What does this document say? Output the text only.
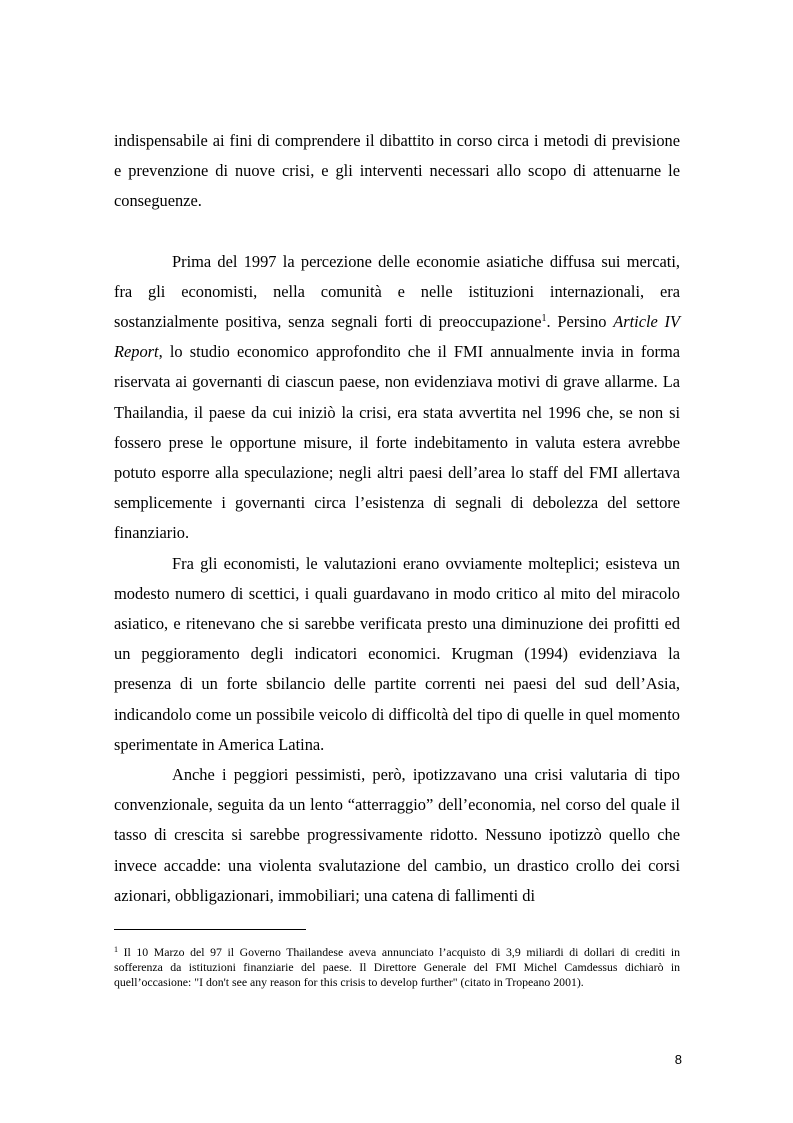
indispensabile ai fini di comprendere il dibattito in corso circa i metodi di previsione e prevenzione di nuove crisi, e gli interventi necessari allo scopo di attenuarne le conseguenze.

Prima del 1997 la percezione delle economie asiatiche diffusa sui mercati, fra gli economisti, nella comunità e nelle istituzioni internazionali, era sostanzialmente positiva, senza segnali forti di preoccupazione$^1$. Persino Article IV Report, lo studio economico approfondito che il FMI annualmente invia in forma riservata ai governanti di ciascun paese, non evidenziava motivi di grave allarme. La Thailandia, il paese da cui iniziò la crisi, era stata avvertita nel 1996 che, se non si fossero prese le opportune misure, il forte indebitamento in valuta estera avrebbe potuto esporre alla speculazione; negli altri paesi dell’area lo staff del FMI allertava semplicemente i governanti circa l’esistenza di segnali di debolezza del settore finanziario.

Fra gli economisti, le valutazioni erano ovviamente molteplici; esisteva un modesto numero di scettici, i quali guardavano in modo critico al mito del miracolo asiatico, e ritenevano che si sarebbe verificata presto una diminuzione dei profitti ed un peggioramento degli indicatori economici. Krugman (1994) evidenziava la presenza di un forte sbilancio delle partite correnti nei paesi del sud dell’Asia, indicandolo come un possibile veicolo di difficoltà del tipo di quelle in quel momento sperimentate in America Latina.

Anche i peggiori pessimisti, però, ipotizzavano una crisi valutaria di tipo convenzionale, seguita da un lento “atterraggio” dell’economia, nel corso del quale il tasso di crescita si sarebbe progressivamente ridotto. Nessuno ipotizzò quello che invece accadde: una violenta svalutazione del cambio, un drastico crollo dei corsi azionari, obbligazionari, immobiliari; una catena di fallimenti di

$^1$ Il 10 Marzo del 97 il Governo Thailandese aveva annunciato l’acquisto di 3,9 miliardi di dollari di crediti in sofferenza da istituzioni finanziarie del paese. Il Direttore Generale del FMI Michel Camdessus dichiarò in quell’occasione: "I don't see any reason for this crisis to develop further" (citato in Tropeano 2001).

8
